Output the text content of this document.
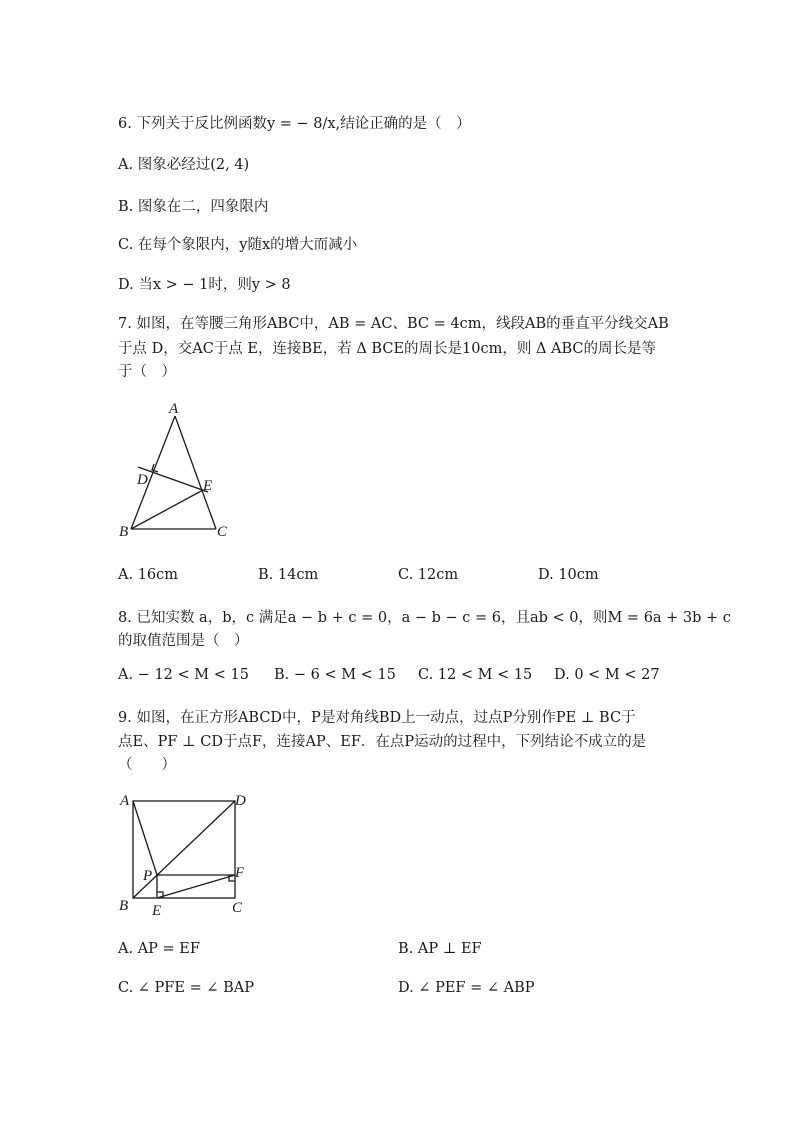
6. 下列关于反比例函数y = − 8/x,结论正确的是（　）
A. 图象必经过(2, 4)
B. 图象在二，四象限内
C. 在每个象限内，y随x的增大而减小
D. 当x > − 1时，则y > 8
7. 如图，在等腰三角形ABC中，AB = AC、BC = 4cm，线段AB的垂直平分线交AB
于点 D，交AC于点 E，连接BE，若 Δ BCE的周长是10cm，则 Δ ABC的周长是等
于（　）
A
D	E
B	C
A. 16cm	B. 14cm	C. 12cm	D. 10cm
8. 已知实数 a，b，c 满足a − b + c = 0，a − b − c = 6，且ab < 0，则M = 6a + 3b + c
的取值范围是（　）
A. − 12 < M < 15 B. − 6 < M < 15 C. 12 < M < 15 D. 0 < M < 27
9. 如图，在正方形ABCD中，P是对角线BD上一动点，过点P分别作PE ⊥ BC于
点E、PF ⊥ CD于点F，连接AP、EF．在点P运动的过程中，下列结论不成立的是
（　　）
A	D
P	F
B E	C
A. AP = EF	B. AP ⊥ EF
C. ∠ PFE = ∠ BAP	D. ∠ PEF = ∠ ABP
